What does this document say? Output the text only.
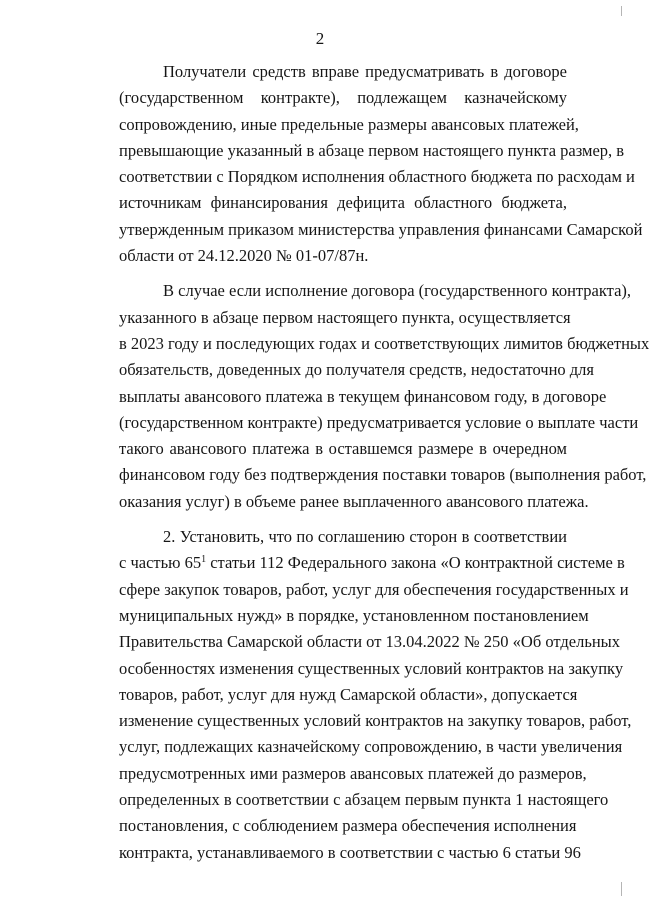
2

Получатели средств вправе предусматривать в договоре
(государственном контракте), подлежащем казначейскому
сопровождению, иные предельные размеры авансовых платежей,
превышающие указанный в абзаце первом настоящего пункта размер, в
соответствии с Порядком исполнения областного бюджета по расходам и
источникам финансирования дефицита областного бюджета,
утвержденным приказом министерства управления финансами Самарской
области от 24.12.2020 № 01-07/87н.

В случае если исполнение договора (государственного контракта),
указанного в абзаце первом настоящего пункта, осуществляется
в 2023 году и последующих годах и соответствующих лимитов бюджетных
обязательств, доведенных до получателя средств, недостаточно для
выплаты авансового платежа в текущем финансовом году, в договоре
(государственном контракте) предусматривается условие о выплате части
такого авансового платежа в оставшемся размере в очередном
финансовом году без подтверждения поставки товаров (выполнения работ,
оказания услуг) в объеме ранее выплаченного авансового платежа.

2. Установить, что по соглашению сторон в соответствии
с частью $65^1$ статьи 112 Федерального закона «О контрактной системе в
сфере закупок товаров, работ, услуг для обеспечения государственных и
муниципальных нужд» в порядке, установленном постановлением
Правительства Самарской области от 13.04.2022 № 250 «Об отдельных
особенностях изменения существенных условий контрактов на закупку
товаров, работ, услуг для нужд Самарской области», допускается
изменение существенных условий контрактов на закупку товаров, работ,
услуг, подлежащих казначейскому сопровождению, в части увеличения
предусмотренных ими размеров авансовых платежей до размеров,
определенных в соответствии с абзацем первым пункта 1 настоящего
постановления, с соблюдением размера обеспечения исполнения
контракта, устанавливаемого в соответствии с частью 6 статьи 96
